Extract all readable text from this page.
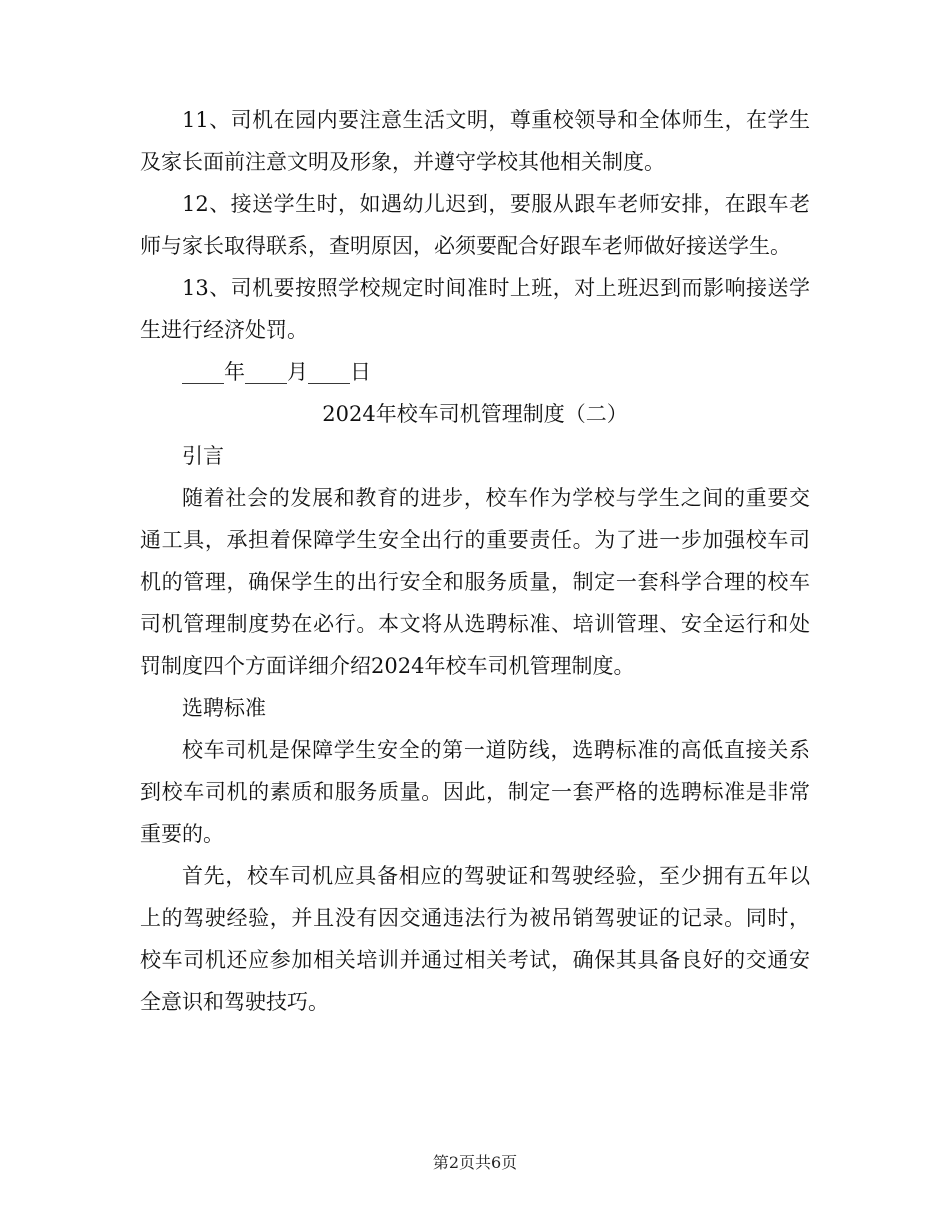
11、司机在园内要注意生活文明，尊重校领导和全体师生，在学生及家长面前注意文明及形象，并遵守学校其他相关制度。

12、接送学生时，如遇幼儿迟到，要服从跟车老师安排，在跟车老师与家长取得联系，查明原因，必须要配合好跟车老师做好接送学生。

13、司机要按照学校规定时间准时上班，对上班迟到而影响接送学生进行经济处罚。

____年____月____日

2024年校车司机管理制度（二）

引言

随着社会的发展和教育的进步，校车作为学校与学生之间的重要交通工具，承担着保障学生安全出行的重要责任。为了进一步加强校车司机的管理，确保学生的出行安全和服务质量，制定一套科学合理的校车司机管理制度势在必行。本文将从选聘标准、培训管理、安全运行和处罚制度四个方面详细介绍2024年校车司机管理制度。

选聘标准

校车司机是保障学生安全的第一道防线，选聘标准的高低直接关系到校车司机的素质和服务质量。因此，制定一套严格的选聘标准是非常重要的。

首先，校车司机应具备相应的驾驶证和驾驶经验，至少拥有五年以上的驾驶经验，并且没有因交通违法行为被吊销驾驶证的记录。同时，校车司机还应参加相关培训并通过相关考试，确保其具备良好的交通安全意识和驾驶技巧。

第2页共6页
